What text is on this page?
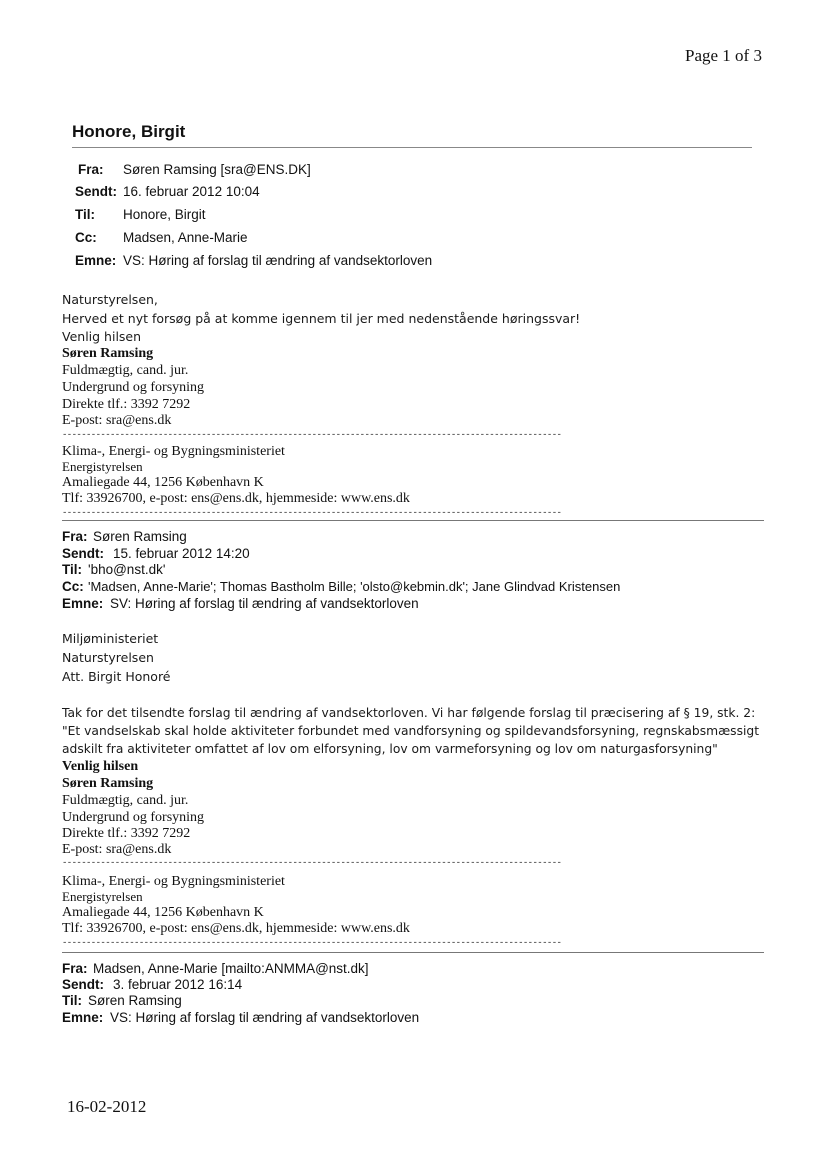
Page 1 of 3
Honore, Birgit
Fra: Søren Ramsing [sra@ENS.DK]
Sendt: 16. februar 2012 10:04
Til: Honore, Birgit
Cc: Madsen, Anne-Marie
Emne: VS: Høring af forslag til ændring af vandsektorloven
Naturstyrelsen,
Herved et nyt forsøg på at komme igennem til jer med nedenstående høringssvar!
Venlig hilsen
Søren Ramsing
Fuldmægtig, cand. jur.
Undergrund og forsyning
Direkte tlf.: 3392 7292
E-post: sra@ens.dk
--------------------------------------------------------------------------------------------------------
Klima-, Energi- og Bygningsministeriet
Energistyrelsen
Amaliegade 44, 1256 København K
Tlf: 33926700, e-post: ens@ens.dk, hjemmeside: www.ens.dk
--------------------------------------------------------------------------------------------------------
Fra: Søren Ramsing
Sendt: 15. februar 2012 14:20
Til: 'bho@nst.dk'
Cc: 'Madsen, Anne-Marie'; Thomas Bastholm Bille; 'olsto@kebmin.dk'; Jane Glindvad Kristensen
Emne: SV: Høring af forslag til ændring af vandsektorloven
Miljøministeriet
Naturstyrelsen
Att. Birgit Honoré
Tak for det tilsendte forslag til ændring af vandsektorloven. Vi har følgende forslag til præcisering af § 19, stk. 2:
"Et vandselskab skal holde aktiviteter forbundet med vandforsyning og spildevandsforsyning, regnskabsmæssigt
adskilt fra aktiviteter omfattet af lov om elforsyning, lov om varmeforsyning og lov om naturgasforsyning"
Venlig hilsen
Søren Ramsing
Fuldmægtig, cand. jur.
Undergrund og forsyning
Direkte tlf.: 3392 7292
E-post: sra@ens.dk
--------------------------------------------------------------------------------------------------------
Klima-, Energi- og Bygningsministeriet
Energistyrelsen
Amaliegade 44, 1256 København K
Tlf: 33926700, e-post: ens@ens.dk, hjemmeside: www.ens.dk
--------------------------------------------------------------------------------------------------------
Fra: Madsen, Anne-Marie [mailto:ANMMA@nst.dk]
Sendt: 3. februar 2012 16:14
Til: Søren Ramsing
Emne: VS: Høring af forslag til ændring af vandsektorloven
16-02-2012
